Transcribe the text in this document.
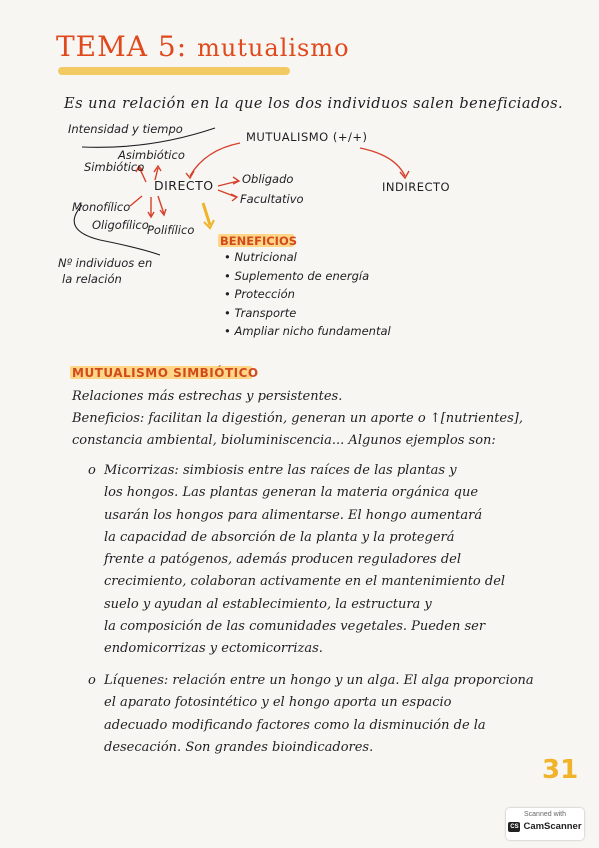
TEMA 5: mutualismo
Es una relación en la que los dos individuos salen beneficiados.
Intensidad y tiempo
Asimbiótico
Simbiótico
MUTUALISMO (+/+)
DIRECTO	INDIRECTO
Obligado
Facultativo
Monofílico
Oligofílico
Polifílico
Nº individuos en
la relación
BENEFICIOS
• Nutricional
• Suplemento de energía
• Protección
• Transporte
• Ampliar nicho fundamental
MUTUALISMO SIMBIÓTICO

Relaciones más estrechas y persistentes.

Beneficios: facilitan la digestión, generan un aporte o ↑[nutrientes],

constancia ambiental, bioluminiscencia... Algunos ejemplos son:

o Micorrizas: simbiosis entre las raíces de las plantas y
los hongos. Las plantas generan la materia orgánica que
usarán los hongos para alimentarse. El hongo aumentará
la capacidad de absorción de la planta y la protegerá
frente a patógenos, además producen reguladores del
crecimiento, colaboran activamente en el mantenimiento del
suelo y ayudan al establecimiento, la estructura y
la composición de las comunidades vegetales. Pueden ser
endomicorrizas y ectomicorrizas.
o Líquenes: relación entre un hongo y un alga. El alga proporciona
el aparato fotosintético y el hongo aporta un espacio
adecuado modificando factores como la disminución de la
desecación. Son grandes bioindicadores.
31
Scanned with
CS CamScanner
